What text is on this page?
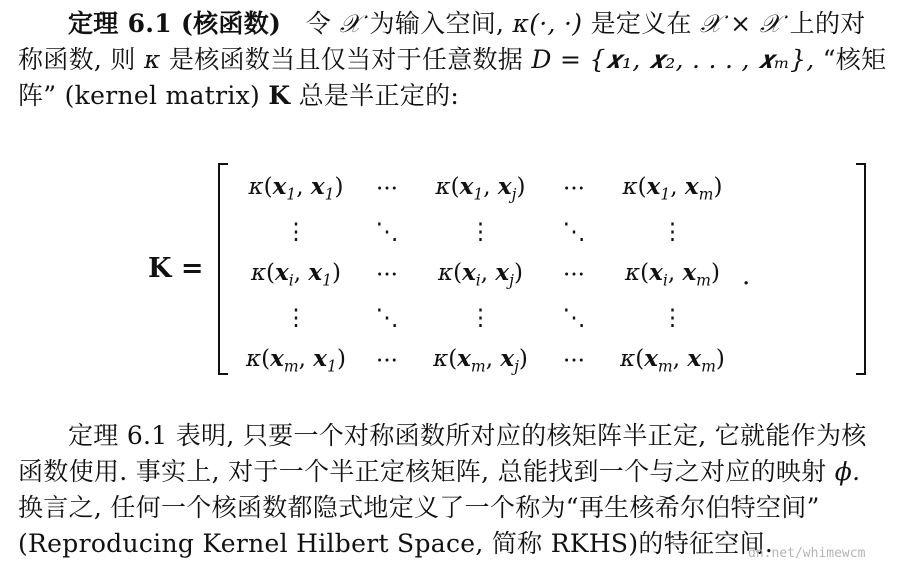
定理 6.1 (核函数) 令 𝒳 为输入空间, κ(·, ·) 是定义在 𝒳 × 𝒳 上的对称函数, 则 κ 是核函数当且仅当对于任意数据 D = {𝒙₁, 𝒙₂, . . . , 𝒙ₘ}, “核矩阵” (kernel matrix) K 总是半正定的:
K =
$\kappa(x_1$, $x_1$)	···	$\kappa(x_1$, $x_j$)	···	$\kappa(x_1$, $x_m$)
⋮	⋱	⋮	⋱	⋮
$\kappa(x_i$, $x_1$)	···	$\kappa(x_i$, $x_j$)	···	$\kappa(x_i$, $x_m$)
⋮	⋱	⋮	⋱	⋮
$\kappa(x_m$, $x_1$)	···	$\kappa(x_m$, $x_j$)	···	$\kappa(x_m$, $x_m$)
.
定理 6.1 表明, 只要一个对称函数所对应的核矩阵半正定, 它就能作为核函数使用. 事实上, 对于一个半正定核矩阵, 总能找到一个与之对应的映射 ϕ. 换言之, 任何一个核函数都隐式地定义了一个称为“再生核希尔伯特空间” (Reproducing Kernel Hilbert Space, 简称 RKHS)的特征空间.
dn.net/whimewcm
